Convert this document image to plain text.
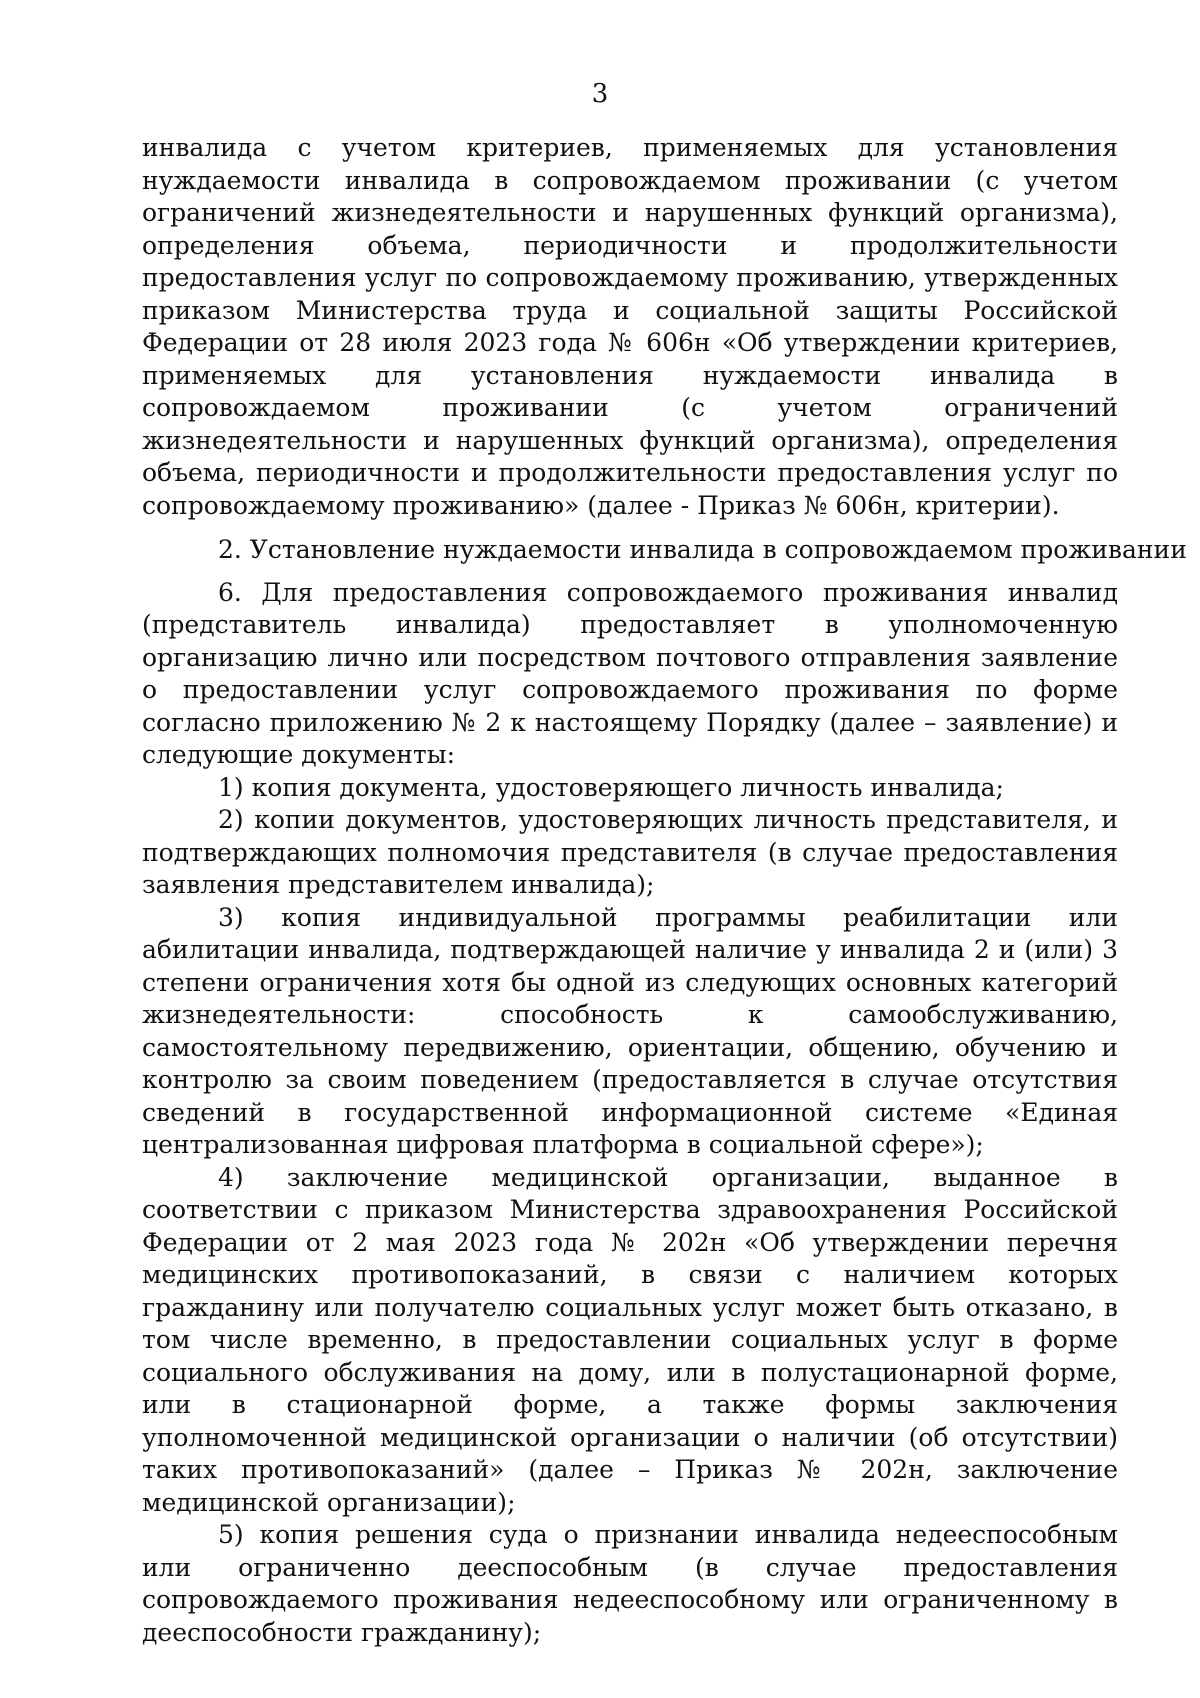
3

инвалида с учетом критериев, применяемых для установления нуждаемости инвалида в сопровождаемом проживании (с учетом ограничений жизнедеятельности и нарушенных функций организма), определения объема, периодичности и продолжительности предоставления услуг по сопровождаемому проживанию, утвержденных приказом Министерства труда и социальной защиты Российской Федерации от 28 июля 2023 года № 606н «Об утверждении критериев, применяемых для установления нуждаемости инвалида в сопровождаемом проживании (с учетом ограничений жизнедеятельности и нарушенных функций организма), определения объема, периодичности и продолжительности предоставления услуг по сопровождаемому проживанию» (далее - Приказ № 606н, критерии).

2. Установление нуждаемости инвалида в сопровождаемом проживании

6. Для предоставления сопровождаемого проживания инвалид (представитель инвалида) предоставляет в уполномоченную организацию лично или посредством почтового отправления заявление о предоставлении услуг сопровождаемого проживания по форме согласно приложению № 2 к настоящему Порядку (далее – заявление) и следующие документы:

1) копия документа, удостоверяющего личность инвалида;

2) копии документов, удостоверяющих личность представителя, и подтверждающих полномочия представителя (в случае предоставления заявления представителем инвалида);

3) копия индивидуальной программы реабилитации или абилитации инвалида, подтверждающей наличие у инвалида 2 и (или) 3 степени ограничения хотя бы одной из следующих основных категорий жизнедеятельности: способность к самообслуживанию, самостоятельному передвижению, ориентации, общению, обучению и контролю за своим поведением (предоставляется в случае отсутствия сведений в государственной информационной системе «Единая централизованная цифровая платформа в социальной сфере»);

4) заключение медицинской организации, выданное в соответствии с приказом Министерства здравоохранения Российской Федерации от 2 мая 2023 года № 202н «Об утверждении перечня медицинских противопоказаний, в связи с наличием которых гражданину или получателю социальных услуг может быть отказано, в том числе временно, в предоставлении социальных услуг в форме социального обслуживания на дому, или в полустационарной форме, или в стационарной форме, а также формы заключения уполномоченной медицинской организации о наличии (об отсутствии) таких противопоказаний» (далее – Приказ № 202н, заключение медицинской организации);

5) копия решения суда о признании инвалида недееспособным или ограниченно дееспособным (в случае предоставления сопровождаемого проживания недееспособному или ограниченному в дееспособности гражданину);
